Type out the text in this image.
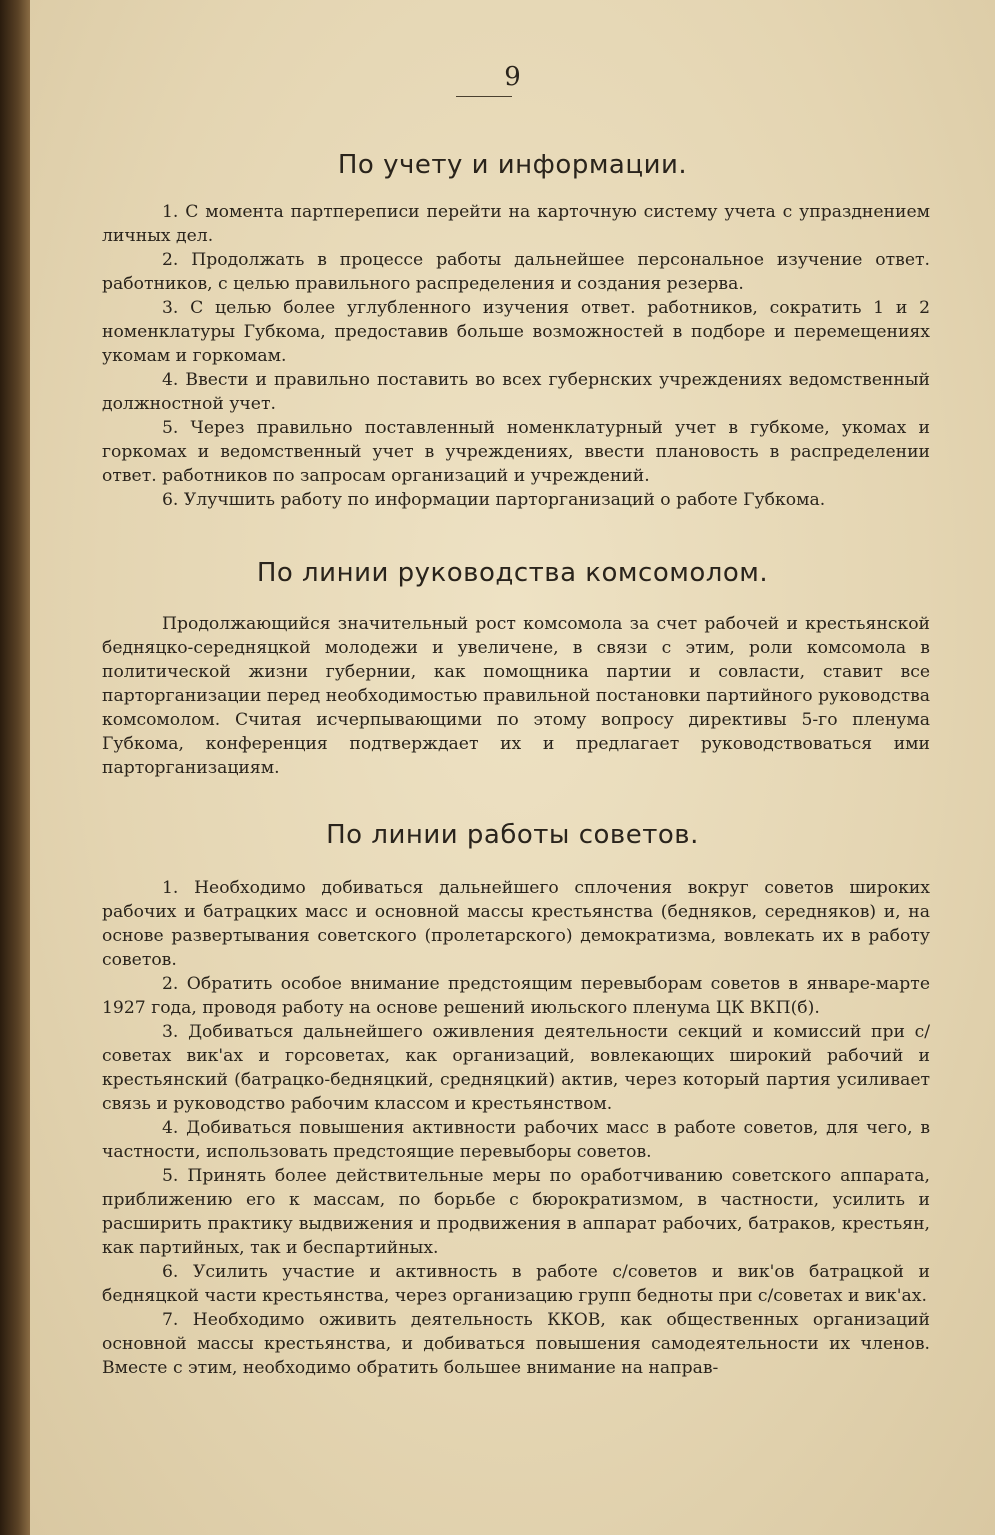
9
По учету и информации.

1. С момента партпереписи перейти на карточную систему учета с упразднением личных дел.

2. Продолжать в процессе работы дальнейшее персональное изучение ответ. работников, с целью правильного распределения и создания резерва.

3. С целью более углубленного изучения ответ. работников, сократить 1 и 2 номенклатуры Губкома, предоставив больше возможностей в подборе и перемещениях укомам и горкомам.

4. Ввести и правильно поставить во всех губернских учреждениях ведомственный должностной учет.

5. Через правильно поставленный номенклатурный учет в губкоме, укомах и горкомах и ведомственный учет в учреждениях, ввести плановость в распределении ответ. работников по запросам организаций и учреждений.

6. Улучшить работу по информации парторганизаций о работе Губкома.

По линии руководства комсомолом.

Продолжающийся значительный рост комсомола за счет рабочей и крестьянской бедняцко-середняцкой молодежи и увеличене, в связи с этим, роли комсомола в политической жизни губернии, как помощника партии и совласти, ставит все парторганизации перед необходимостью правильной постановки партийного руководства комсомолом. Считая исчерпывающими по этому вопросу директивы 5-го пленума Губкома, конференция подтверждает их и предлагает руководствоваться ими парторганизациям.

По линии работы советов.

1. Необходимо добиваться дальнейшего сплочения вокруг советов широких рабочих и батрацких масс и основной массы крестьянства (бедняков, середняков) и, на основе развертывания советского (пролетарского) демократизма, вовлекать их в работу советов.

2. Обратить особое внимание предстоящим перевыборам советов в январе-марте 1927 года, проводя работу на основе решений июльского пленума ЦК ВКП(б).

3. Добиваться дальнейшего оживления деятельности секций и комиссий при с/советах вик'ах и горсоветах, как организаций, вовлекающих широкий рабочий и крестьянский (батрацко-бедняцкий, средняцкий) актив, через который партия усиливает связь и руководство рабочим классом и крестьянством.

4. Добиваться повышения активности рабочих масс в работе советов, для чего, в частности, использовать предстоящие перевыборы советов.

5. Принять более действительные меры по оработчиванию советского аппарата, приближению его к массам, по борьбе с бюрократизмом, в частности, усилить и расширить практику выдвижения и продвижения в аппарат рабочих, батраков, крестьян, как партийных, так и беспартийных.

6. Усилить участие и активность в работе с/советов и вик'ов батрацкой и бедняцкой части крестьянства, через организацию групп бедноты при с/советах и вик'ах.

7. Необходимо оживить деятельность ККОВ, как общественных организаций основной массы крестьянства, и добиваться повышения самодеятельности их членов. Вместе с этим, необходимо обратить большее внимание на направ-
